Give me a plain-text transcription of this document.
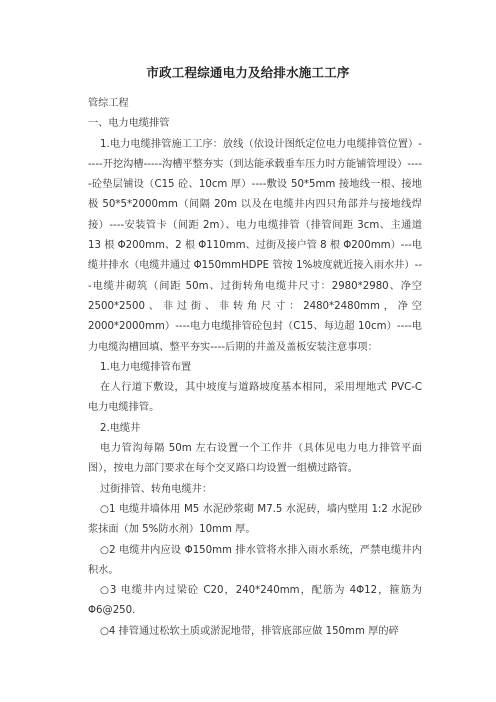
市政工程综通电力及给排水施工工序

管综工程

一、电力电缆排管

1.电力电缆排管施工工序：放线（依设计图纸定位电力电缆排管位置）-----开挖沟槽-----沟槽平整夯实（到达能承载垂车压力时方能铺管埋设）-----砼垫层铺设（C15 砼、10cm 厚）----敷设 50*5mm 接地线一根、接地极 50*5*2000mm（间隔 20m 以及在电缆井内四只角部并与接地线焊接）----安装管卡（间距 2m）、电力电缆排管（排管间距 3cm、主通道 13 根 Φ200mm、2 根 Φ110mm、过街及接户管 8 根 Φ200mm）---电缆井排水（电缆井通过 Φ150mmHDPE 管按 1%坡度就近接入雨水井）---电缆井砌筑（间距 50m、过街转角电缆井尺寸：2980*2980、净空 2500*2500、非过街、非转角尺寸：2480*2480mm，净空 2000*2000mm）----电力电缆排管砼包封（C15、每边超 10cm）----电力电缆沟槽回填、整平夯实----后期的井盖及盖板安装注意事项：

1.电力电缆排管布置

在人行道下敷设，其中坡度与道路坡度基本相同，采用埋地式 PVC-C 电力电缆排管。

2.电缆井

电力管沟每隔 50m 左右设置一个工作井（具体见电力电力排管平面图），按电力部门要求在每个交叉路口均设置一组横过路管。

过街排管、转角电缆井：

○1 电缆井墙体用 M5 水泥砂浆砌 M7.5 水泥砖，墙内壁用 1:2 水泥砂浆抹面（加 5%防水剂）10mm 厚。

○2 电缆井内应设 Φ150mm 排水管将水排入雨水系统，严禁电缆井内积水。

○3 电缆井内过梁砼 C20，240*240mm，配筋为 4Φ12，箍筋为 Φ6@250.

○4 排管通过松软土质或淤泥地带，排管底部应做 150mm 厚的碎
